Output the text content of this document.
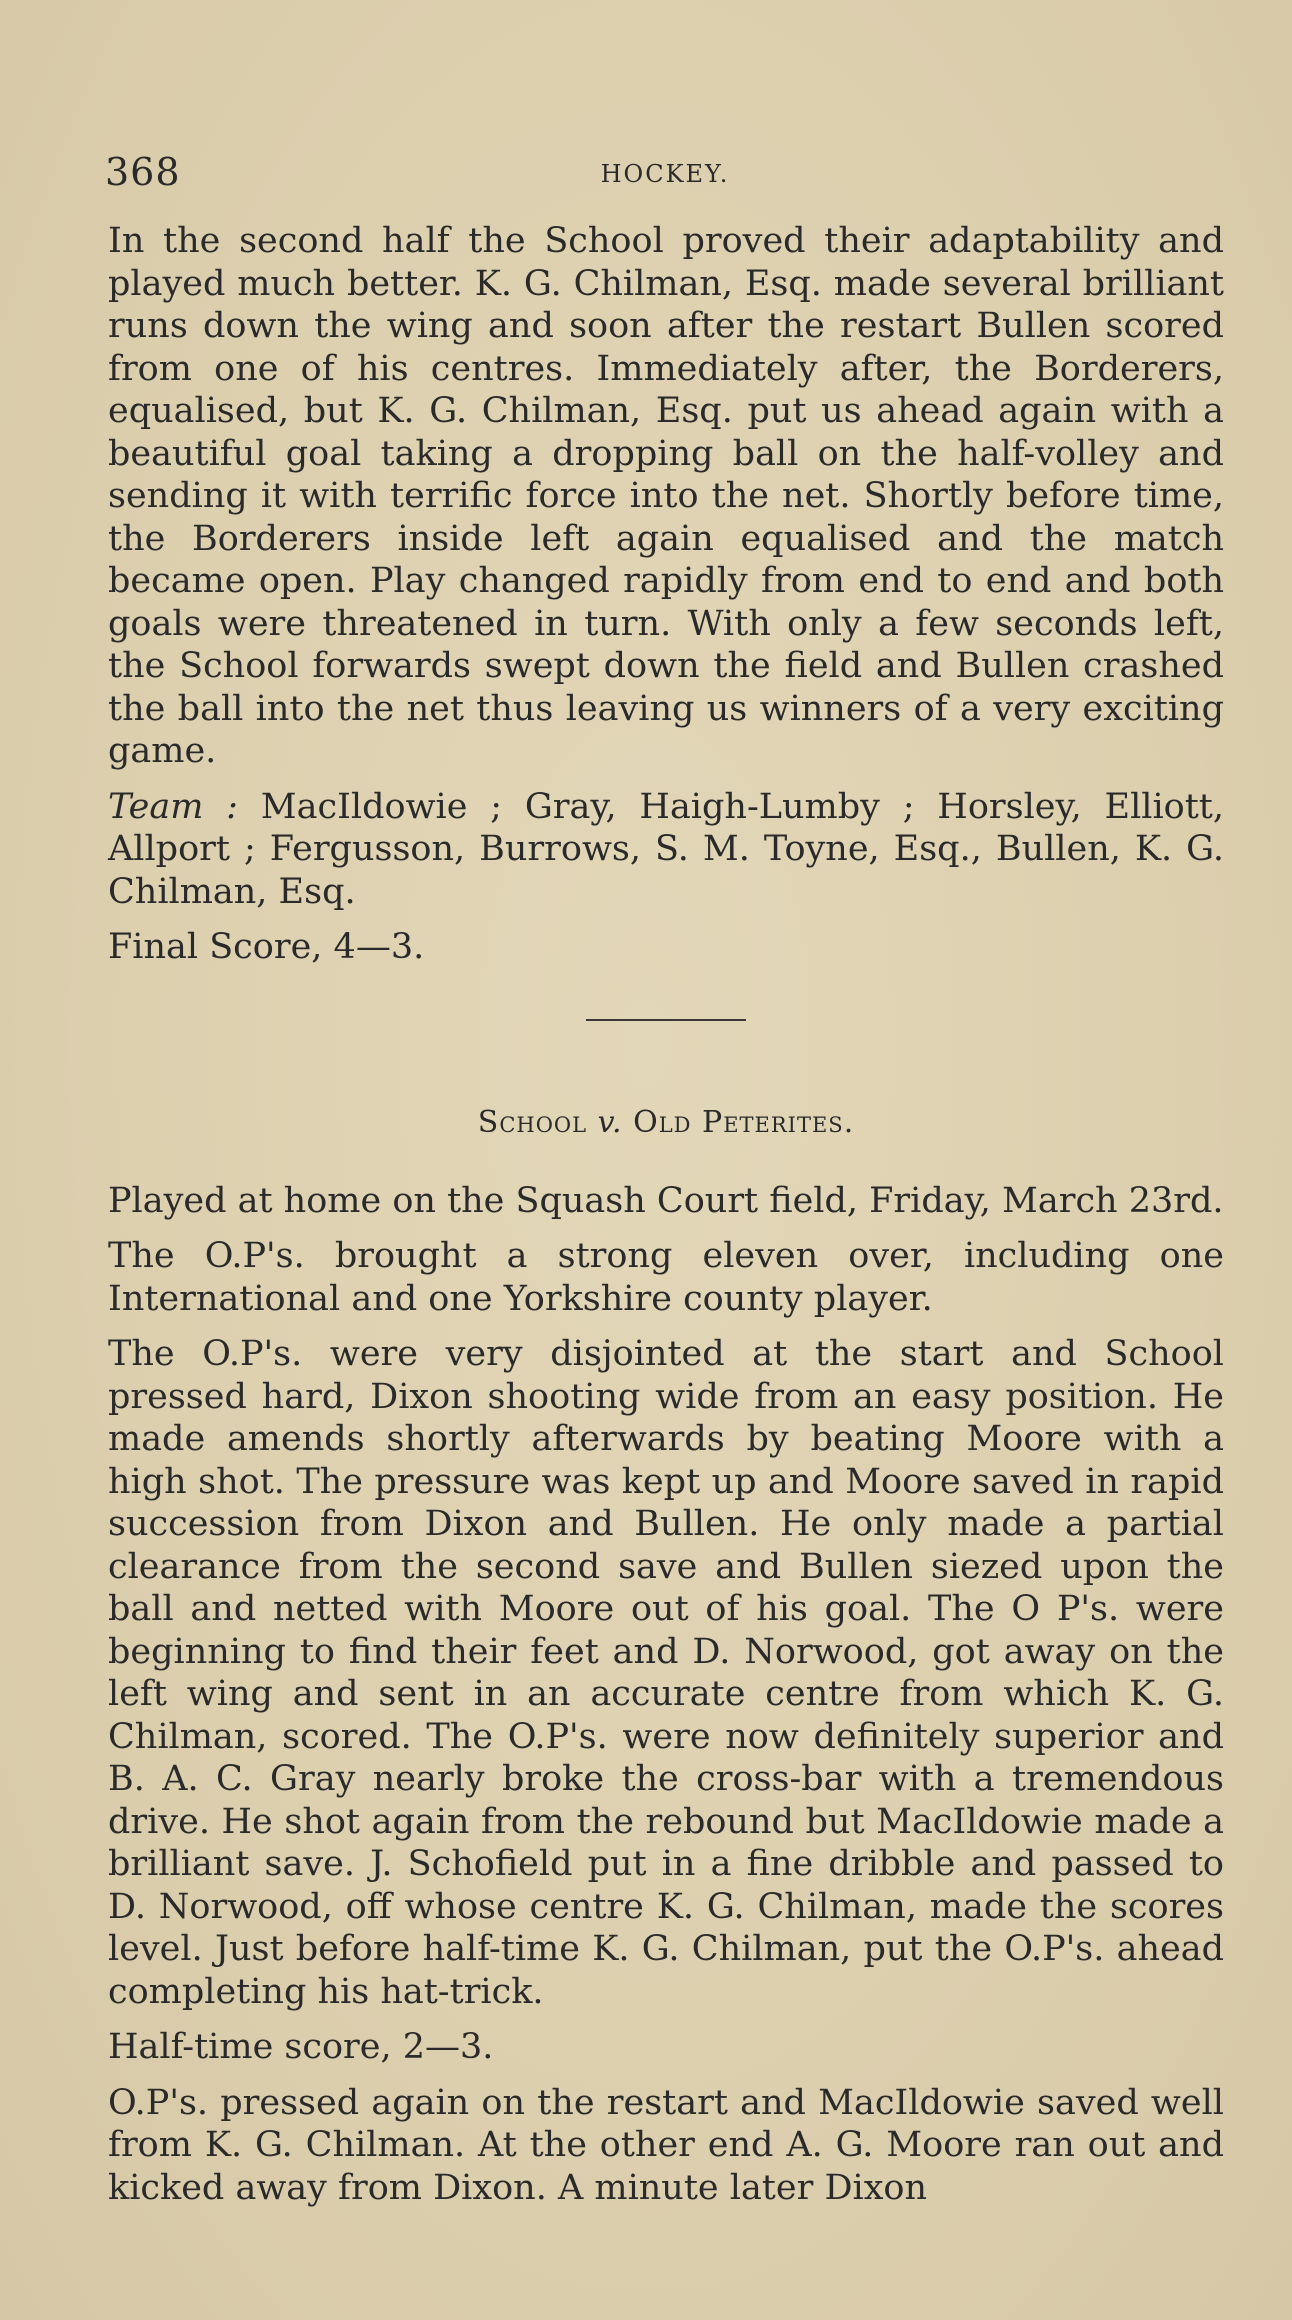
368	HOCKEY.

In the second half the School proved their adaptability and played much better. K. G. Chilman, Esq. made several brilliant runs down the wing and soon after the restart Bullen scored from one of his centres. Immediately after, the Borderers, equalised, but K. G. Chilman, Esq. put us ahead again with a beautiful goal taking a dropping ball on the half-volley and sending it with terrific force into the net. Shortly before time, the Borderers inside left again equalised and the match became open. Play changed rapidly from end to end and both goals were threatened in turn. With only a few seconds left, the School forwards swept down the field and Bullen crashed the ball into the net thus leaving us winners of a very exciting game.

Team : MacIldowie ; Gray, Haigh-Lumby ; Horsley, Elliott, Allport ; Fergusson, Burrows, S. M. Toyne, Esq., Bullen, K. G. Chilman, Esq.

Final Score, 4—3.

School v. Old Peterites.

Played at home on the Squash Court field, Friday, March 23rd.

The O.P's. brought a strong eleven over, including one International and one Yorkshire county player.

The O.P's. were very disjointed at the start and School pressed hard, Dixon shooting wide from an easy position. He made amends shortly afterwards by beating Moore with a high shot. The pressure was kept up and Moore saved in rapid succession from Dixon and Bullen. He only made a partial clearance from the second save and Bullen siezed upon the ball and netted with Moore out of his goal. The O P's. were beginning to find their feet and D. Norwood, got away on the left wing and sent in an accurate centre from which K. G. Chilman, scored. The O.P's. were now definitely superior and B. A. C. Gray nearly broke the cross-bar with a tremendous drive. He shot again from the rebound but MacIldowie made a brilliant save. J. Schofield put in a fine dribble and passed to D. Norwood, off whose centre K. G. Chilman, made the scores level. Just before half-time K. G. Chilman, put the O.P's. ahead completing his hat-trick.

Half-time score, 2—3.

O.P's. pressed again on the restart and MacIldowie saved well from K. G. Chilman. At the other end A. G. Moore ran out and kicked away from Dixon. A minute later Dixon
